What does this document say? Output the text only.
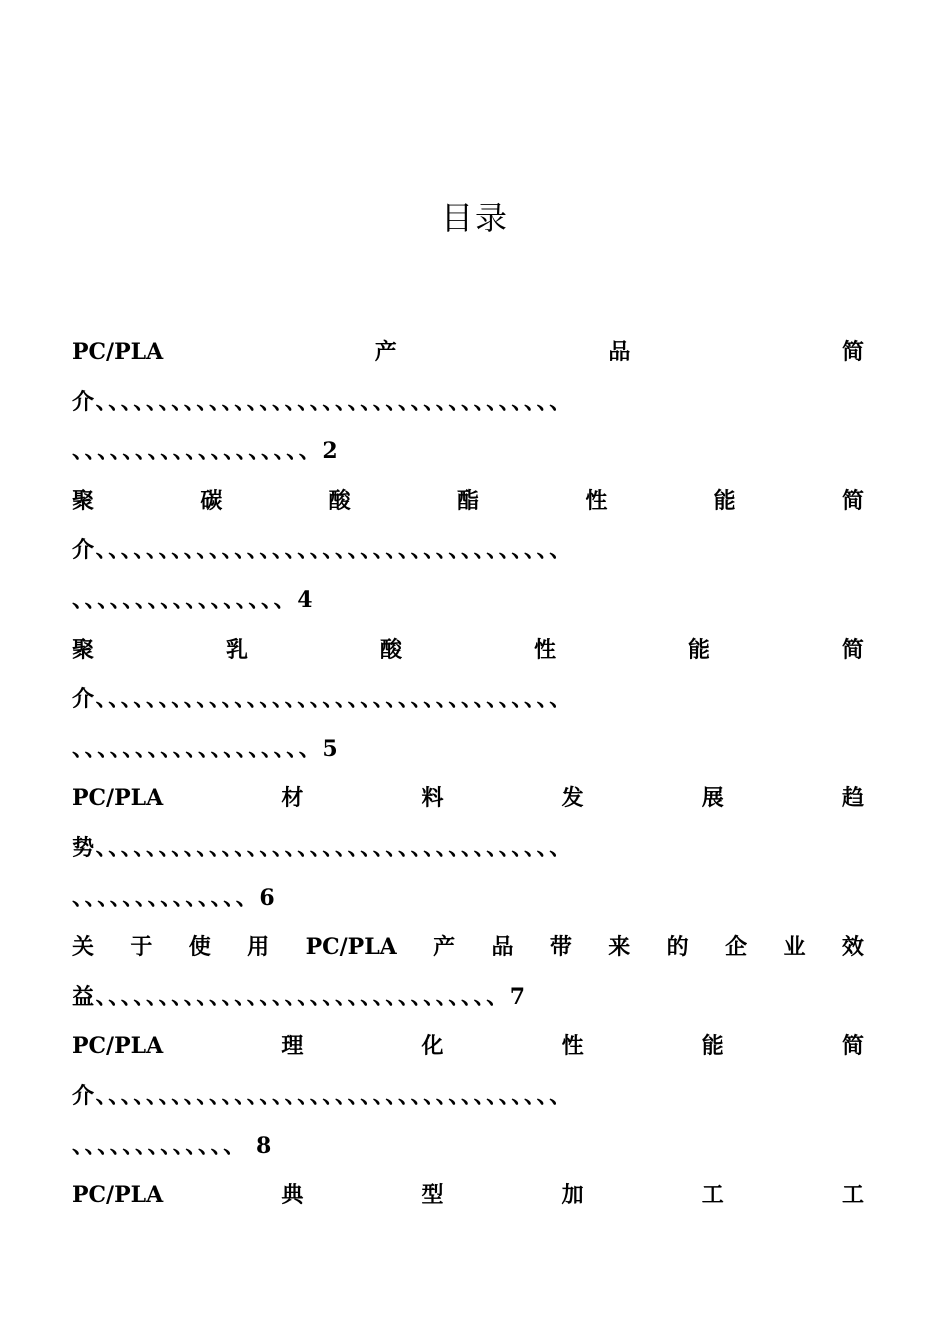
目录
PC/PLA	产	品	简
介、、、、、、、、、、、、、、、、、、、、、、、、、、、、、、、、、、、、、
、、、、、、、、、、、、、、、、、、、2
聚	碳	酸	酯	性	能	简
介、、、、、、、、、、、、、、、、、、、、、、、、、、、、、、、、、、、、、
、、、、、、、、、、、、、、、、、4
聚	乳	酸	性	能	简
介、、、、、、、、、、、、、、、、、、、、、、、、、、、、、、、、、、、、、
、、、、、、、、、、、、、、、、、、、5
PC/PLA	材	料	发	展	趋
势、、、、、、、、、、、、、、、、、、、、、、、、、、、、、、、、、、、、、
、、、、、、、、、、、、、、6
关 于 使 用 PC/PLA 产 品 带 来 的 企 业 效
益、、、、、、、、、、、、、、、、、、、、、、、、、、、、、、、、7
PC/PLA	理	化	性	能	简
介、、、、、、、、、、、、、、、、、、、、、、、、、、、、、、、、、、、、、
、、、、、、、、、、、、、 8
PC/PLA	典	型	加	工	工
